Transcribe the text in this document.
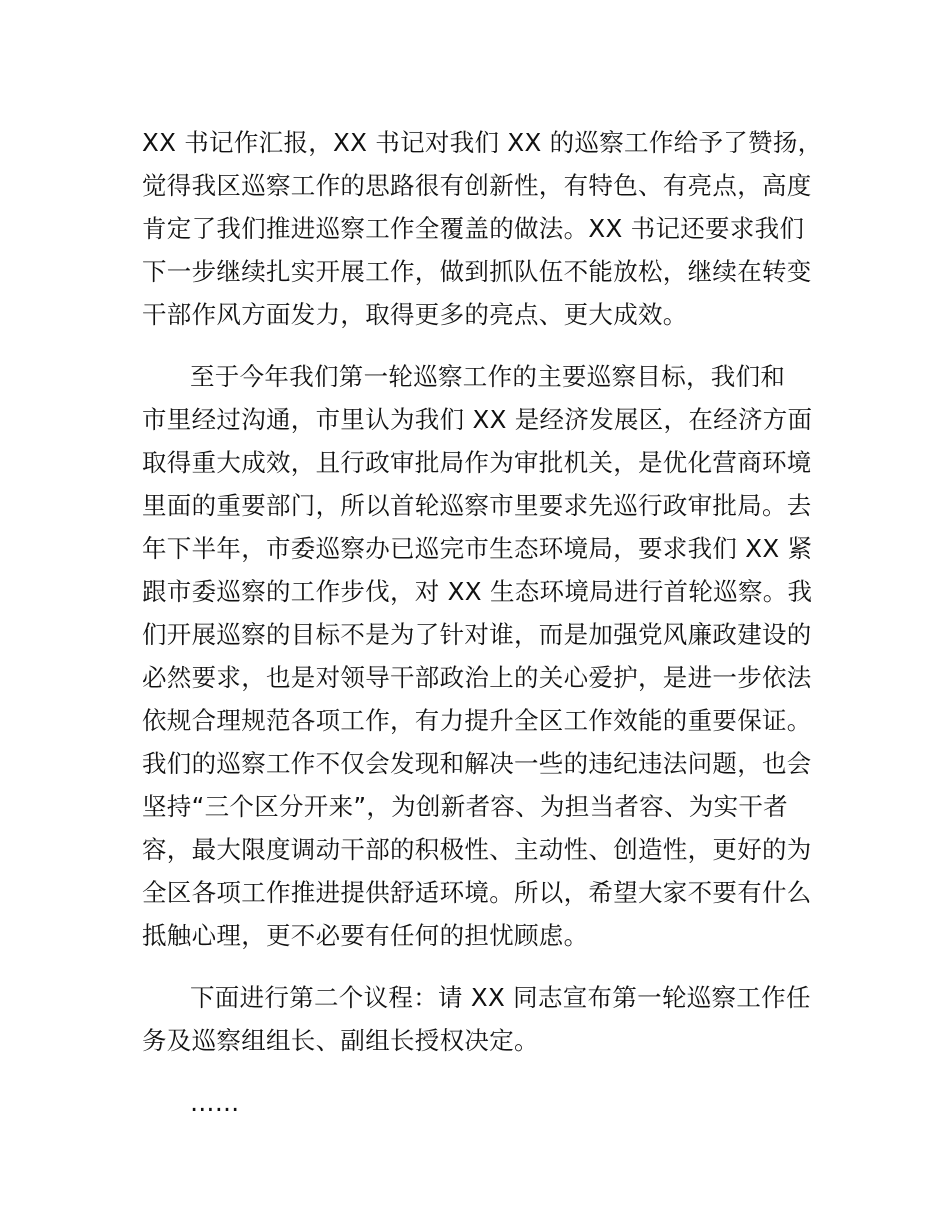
XX 书记作汇报，XX 书记对我们 XX 的巡察工作给予了赞扬，
觉得我区巡察工作的思路很有创新性，有特色、有亮点，高度
肯定了我们推进巡察工作全覆盖的做法。XX 书记还要求我们
下一步继续扎实开展工作，做到抓队伍不能放松，继续在转变
干部作风方面发力，取得更多的亮点、更大成效。
至于今年我们第一轮巡察工作的主要巡察目标，我们和
市里经过沟通，市里认为我们 XX 是经济发展区，在经济方面
取得重大成效，且行政审批局作为审批机关，是优化营商环境
里面的重要部门，所以首轮巡察市里要求先巡行政审批局。去
年下半年，市委巡察办已巡完市生态环境局，要求我们 XX 紧
跟市委巡察的工作步伐，对 XX 生态环境局进行首轮巡察。我
们开展巡察的目标不是为了针对谁，而是加强党风廉政建设的
必然要求，也是对领导干部政治上的关心爱护，是进一步依法
依规合理规范各项工作，有力提升全区工作效能的重要保证。
我们的巡察工作不仅会发现和解决一些的违纪违法问题，也会
坚持“三个区分开来”，为创新者容、为担当者容、为实干者
容，最大限度调动干部的积极性、主动性、创造性，更好的为
全区各项工作推进提供舒适环境。所以，希望大家不要有什么
抵触心理，更不必要有任何的担忧顾虑。
下面进行第二个议程：请 XX 同志宣布第一轮巡察工作任
务及巡察组组长、副组长授权决定。
……
